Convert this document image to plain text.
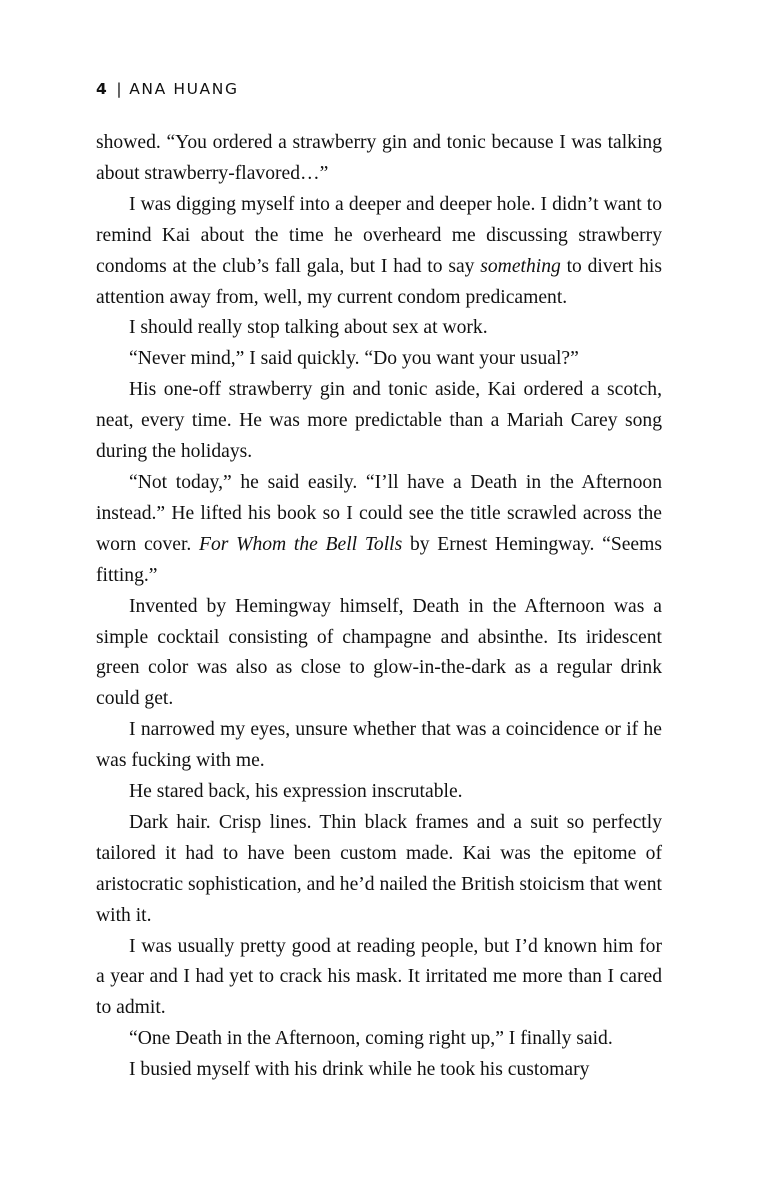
4 | ANA HUANG

showed. “You ordered a strawberry gin and tonic because I was talking about strawberry-flavored…”

I was digging myself into a deeper and deeper hole. I didn’t want to remind Kai about the time he overheard me discussing strawberry condoms at the club’s fall gala, but I had to say something to divert his attention away from, well, my current condom predicament.

I should really stop talking about sex at work.

“Never mind,” I said quickly. “Do you want your usual?”

His one-off strawberry gin and tonic aside, Kai ordered a scotch, neat, every time. He was more predictable than a Mariah Carey song during the holidays.

“Not today,” he said easily. “I’ll have a Death in the Afternoon instead.” He lifted his book so I could see the title scrawled across the worn cover. For Whom the Bell Tolls by Ernest Hemingway. “Seems fitting.”

Invented by Hemingway himself, Death in the Afternoon was a simple cocktail consisting of champagne and absinthe. Its iridescent green color was also as close to glow-in-the-dark as a regular drink could get.

I narrowed my eyes, unsure whether that was a coincidence or if he was fucking with me.

He stared back, his expression inscrutable.

Dark hair. Crisp lines. Thin black frames and a suit so perfectly tailored it had to have been custom made. Kai was the epitome of aristocratic sophistication, and he’d nailed the British stoicism that went with it.

I was usually pretty good at reading people, but I’d known him for a year and I had yet to crack his mask. It irritated me more than I cared to admit.

“One Death in the Afternoon, coming right up,” I finally said.

I busied myself with his drink while he took his customary
